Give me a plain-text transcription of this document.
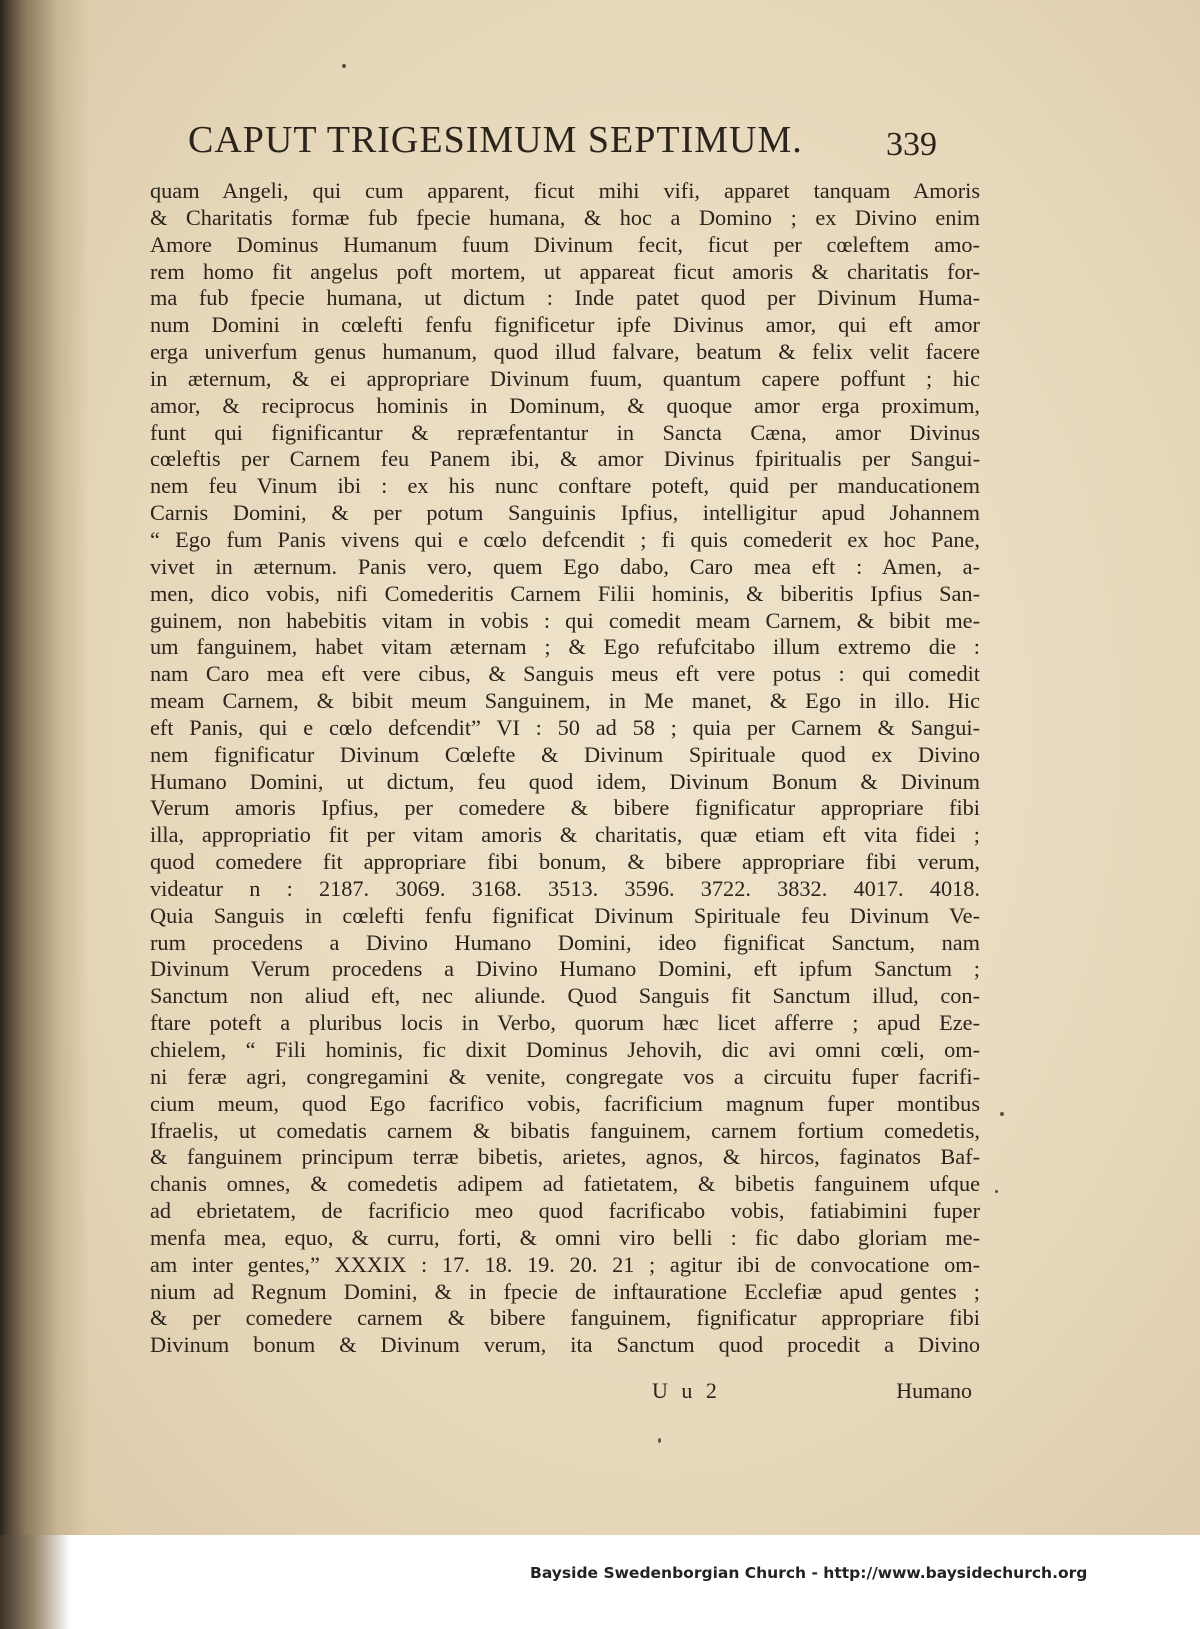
CAPUT TRIGESIMUM SEPTIMUM. 339
quam Angeli, qui cum apparent, ficut mihi vifi, apparet tanquam Amoris
& Charitatis formæ fub fpecie humana, & hoc a Domino ; ex Divino enim
Amore Dominus Humanum fuum Divinum fecit, ficut per cœleftem amo-
rem homo fit angelus poft mortem, ut appareat ficut amoris & charitatis for-
ma fub fpecie humana, ut dictum : Inde patet quod per Divinum Huma-
num Domini in cœlefti fenfu fignificetur ipfe Divinus amor, qui eft amor
erga univerfum genus humanum, quod illud falvare, beatum & felix velit facere
in æternum, & ei appropriare Divinum fuum, quantum capere poffunt ; hic
amor, & reciprocus hominis in Dominum, & quoque amor erga proximum,
funt qui fignificantur & repræfentantur in Sancta Cæna, amor Divinus
cœleftis per Carnem feu Panem ibi, & amor Divinus fpiritualis per Sangui-
nem feu Vinum ibi : ex his nunc conftare poteft, quid per manducationem
Carnis Domini, & per potum Sanguinis Ipfius, intelligitur apud Johannem
“ Ego fum Panis vivens qui e cœlo defcendit ; fi quis comederit ex hoc Pane,
vivet in æternum. Panis vero, quem Ego dabo, Caro mea eft : Amen, a-
men, dico vobis, nifi Comederitis Carnem Filii hominis, & biberitis Ipfius San-
guinem, non habebitis vitam in vobis : qui comedit meam Carnem, & bibit me-
um fanguinem, habet vitam æternam ; & Ego refufcitabo illum extremo die :
nam Caro mea eft vere cibus, & Sanguis meus eft vere potus : qui comedit
meam Carnem, & bibit meum Sanguinem, in Me manet, & Ego in illo. Hic
eft Panis, qui e cœlo defcendit” VI : 50 ad 58 ; quia per Carnem & Sangui-
nem fignificatur Divinum Cœlefte & Divinum Spirituale quod ex Divino
Humano Domini, ut dictum, feu quod idem, Divinum Bonum & Divinum
Verum amoris Ipfius, per comedere & bibere fignificatur appropriare fibi
illa, appropriatio fit per vitam amoris & charitatis, quæ etiam eft vita fidei ;
quod comedere fit appropriare fibi bonum, & bibere appropriare fibi verum,
videatur n : 2187. 3069. 3168. 3513. 3596. 3722. 3832. 4017. 4018.
Quia Sanguis in cœlefti fenfu fignificat Divinum Spirituale feu Divinum Ve-
rum procedens a Divino Humano Domini, ideo fignificat Sanctum, nam
Divinum Verum procedens a Divino Humano Domini, eft ipfum Sanctum ;
Sanctum non aliud eft, nec aliunde. Quod Sanguis fit Sanctum illud, con-
ftare poteft a pluribus locis in Verbo, quorum hæc licet afferre ; apud Eze-
chielem, “ Fili hominis, fic dixit Dominus Jehovih, dic avi omni cœli, om-
ni feræ agri, congregamini & venite, congregate vos a circuitu fuper facrifi-
cium meum, quod Ego facrifico vobis, facrificium magnum fuper montibus
Ifraelis, ut comedatis carnem & bibatis fanguinem, carnem fortium comedetis,
& fanguinem principum terræ bibetis, arietes, agnos, & hircos, faginatos Baf-
chanis omnes, & comedetis adipem ad fatietatem, & bibetis fanguinem ufque
ad ebrietatem, de facrificio meo quod facrificabo vobis, fatiabimini fuper
menfa mea, equo, & curru, forti, & omni viro belli : fic dabo gloriam me-
am inter gentes,” XXXIX : 17. 18. 19. 20. 21 ; agitur ibi de convocatione om-
nium ad Regnum Domini, & in fpecie de inftauratione Ecclefiæ apud gentes ;
& per comedere carnem & bibere fanguinem, fignificatur appropriare fibi
Divinum bonum & Divinum verum, ita Sanctum quod procedit a Divino
U u 2	Humano
Bayside Swedenborgian Church - http://www.baysidechurch.org
